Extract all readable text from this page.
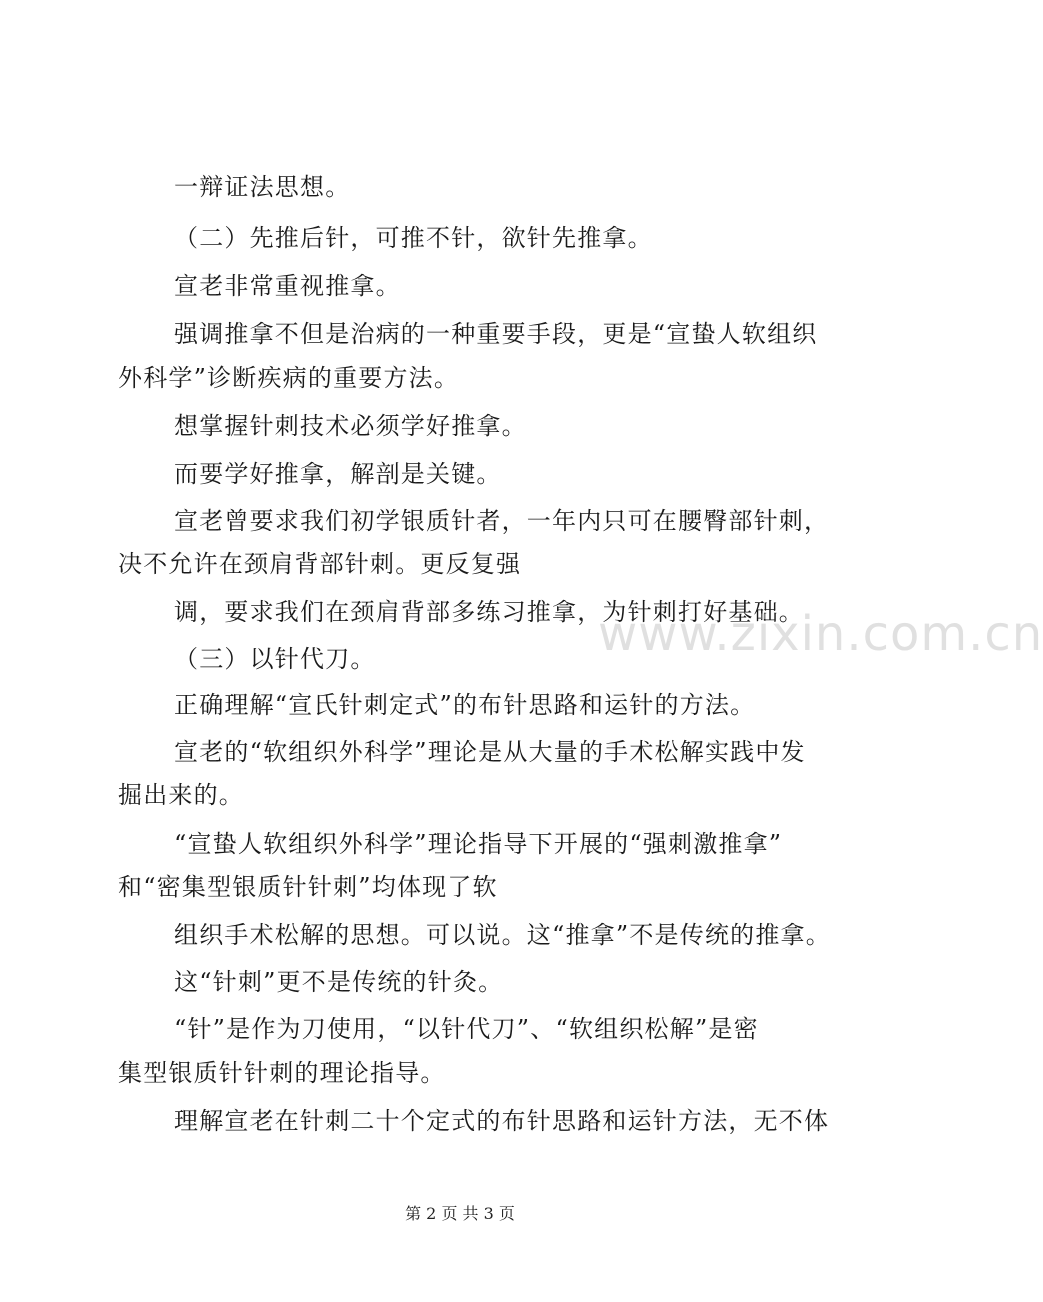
一辩证法思想。
（二）先推后针，可推不针，欲针先推拿。
宣老非常重视推拿。
强调推拿不但是治病的一种重要手段，更是“宣蛰人软组织
外科学”诊断疾病的重要方法。
想掌握针刺技术必须学好推拿。
而要学好推拿，解剖是关键。
宣老曾要求我们初学银质针者，一年内只可在腰臀部针刺，
决不允许在颈肩背部针刺。更反复强
调，要求我们在颈肩背部多练习推拿，为针刺打好基础。
（三）以针代刀。
正确理解“宣氏针刺定式”的布针思路和运针的方法。
宣老的“软组织外科学”理论是从大量的手术松解实践中发
掘出来的。
“宣蛰人软组织外科学”理论指导下开展的“强刺激推拿”
和“密集型银质针针刺”均体现了软
组织手术松解的思想。可以说。这“推拿”不是传统的推拿。
这“针刺”更不是传统的针灸。
“针”是作为刀使用，“以针代刀”、“软组织松解”是密
集型银质针针刺的理论指导。
理解宣老在针刺二十个定式的布针思路和运针方法，无不体
www.zixin.com.cn
第 2 页 共 3 页
